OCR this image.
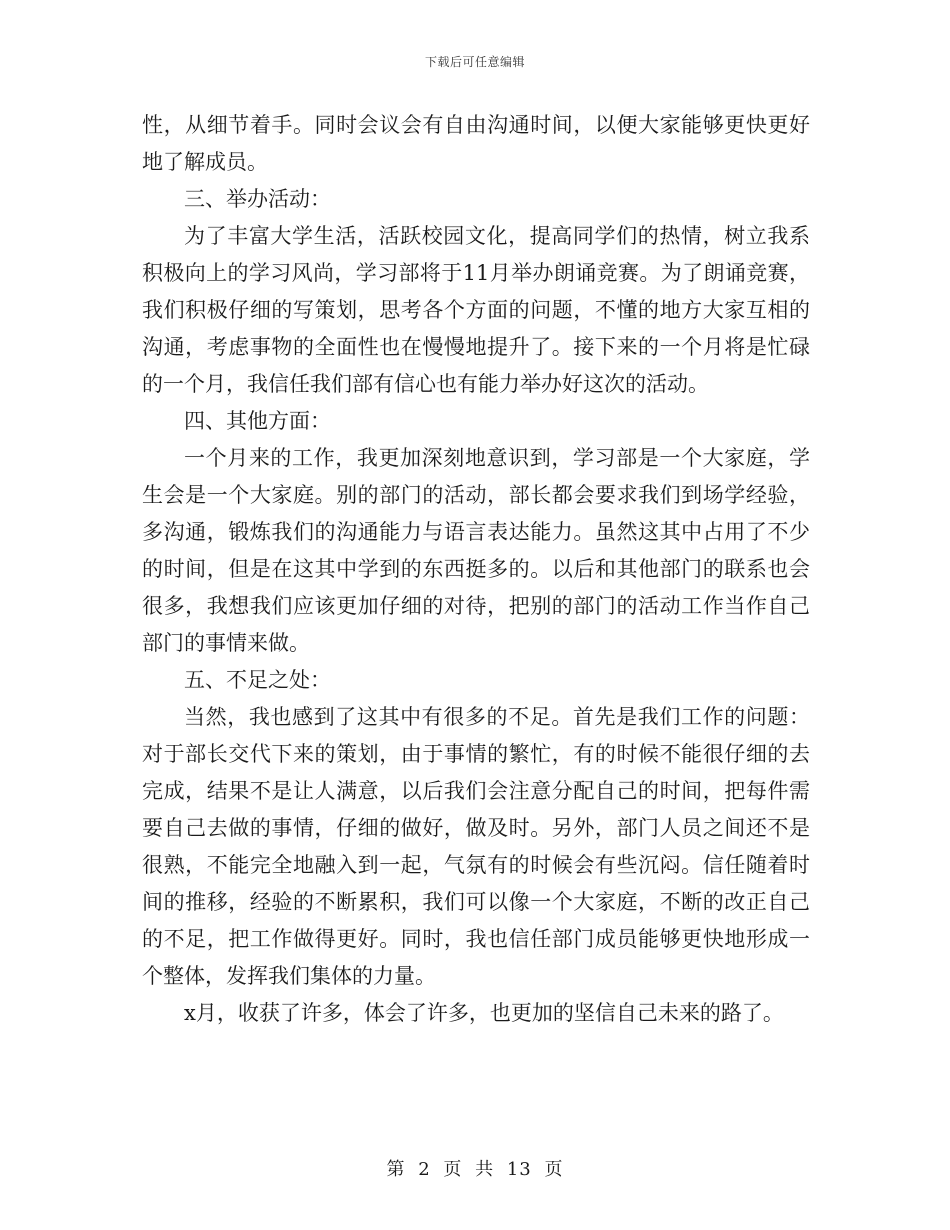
下载后可任意编辑

性，从细节着手。同时会议会有自由沟通时间，以便大家能够更快更好地了解成员。

三、举办活动：

为了丰富大学生活，活跃校园文化，提高同学们的热情，树立我系积极向上的学习风尚，学习部将于11月举办朗诵竞赛。为了朗诵竞赛，我们积极仔细的写策划，思考各个方面的问题，不懂的地方大家互相的沟通，考虑事物的全面性也在慢慢地提升了。接下来的一个月将是忙碌的一个月，我信任我们部有信心也有能力举办好这次的活动。

四、其他方面：

一个月来的工作，我更加深刻地意识到，学习部是一个大家庭，学生会是一个大家庭。别的部门的活动，部长都会要求我们到场学经验，多沟通，锻炼我们的沟通能力与语言表达能力。虽然这其中占用了不少的时间，但是在这其中学到的东西挺多的。以后和其他部门的联系也会很多，我想我们应该更加仔细的对待，把别的部门的活动工作当作自己部门的事情来做。

五、不足之处：

当然，我也感到了这其中有很多的不足。首先是我们工作的问题：对于部长交代下来的策划，由于事情的繁忙，有的时候不能很仔细的去完成，结果不是让人满意，以后我们会注意分配自己的时间，把每件需要自己去做的事情，仔细的做好，做及时。另外，部门人员之间还不是很熟，不能完全地融入到一起，气氛有的时候会有些沉闷。信任随着时间的推移，经验的不断累积，我们可以像一个大家庭，不断的改正自己的不足，把工作做得更好。同时，我也信任部门成员能够更快地形成一个整体，发挥我们集体的力量。

x月，收获了许多，体会了许多，也更加的坚信自己未来的路了。

第 2 页 共 13 页
